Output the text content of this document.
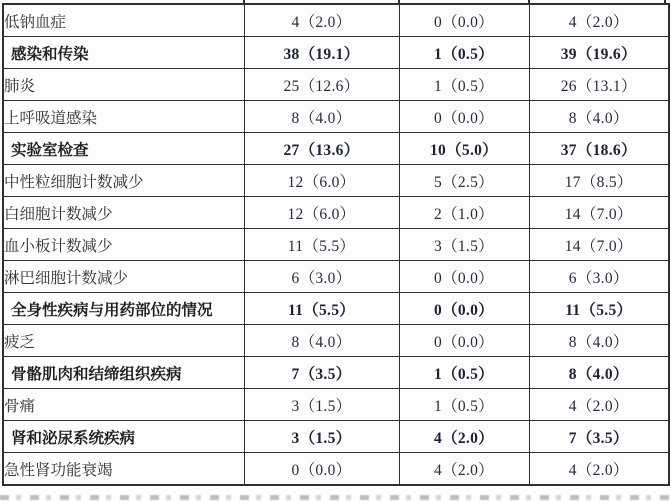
低钠血症	4（2.0）	0（0.0）	4（2.0）
感染和传染	38（19.1）	1（0.5）	39（19.6）
肺炎	25（12.6）	1（0.5）	26（13.1）
上呼吸道感染	8（4.0）	0（0.0）	8（4.0）
实验室检查	27（13.6）	10（5.0）	37（18.6）
中性粒细胞计数减少	12（6.0）	5（2.5）	17（8.5）
白细胞计数减少	12（6.0）	2（1.0）	14（7.0）
血小板计数减少	11（5.5）	3（1.5）	14（7.0）
淋巴细胞计数减少	6（3.0）	0（0.0）	6（3.0）
全身性疾病与用药部位的情况	11（5.5）	0（0.0）	11（5.5）
疲乏	8（4.0）	0（0.0）	8（4.0）
骨骼肌肉和结缔组织疾病	7（3.5）	1（0.5）	8（4.0）
骨痛	3（1.5）	1（0.5）	4（2.0）
肾和泌尿系统疾病	3（1.5）	4（2.0）	7（3.5）
急性肾功能衰竭	0（0.0）	4（2.0）	4（2.0）
